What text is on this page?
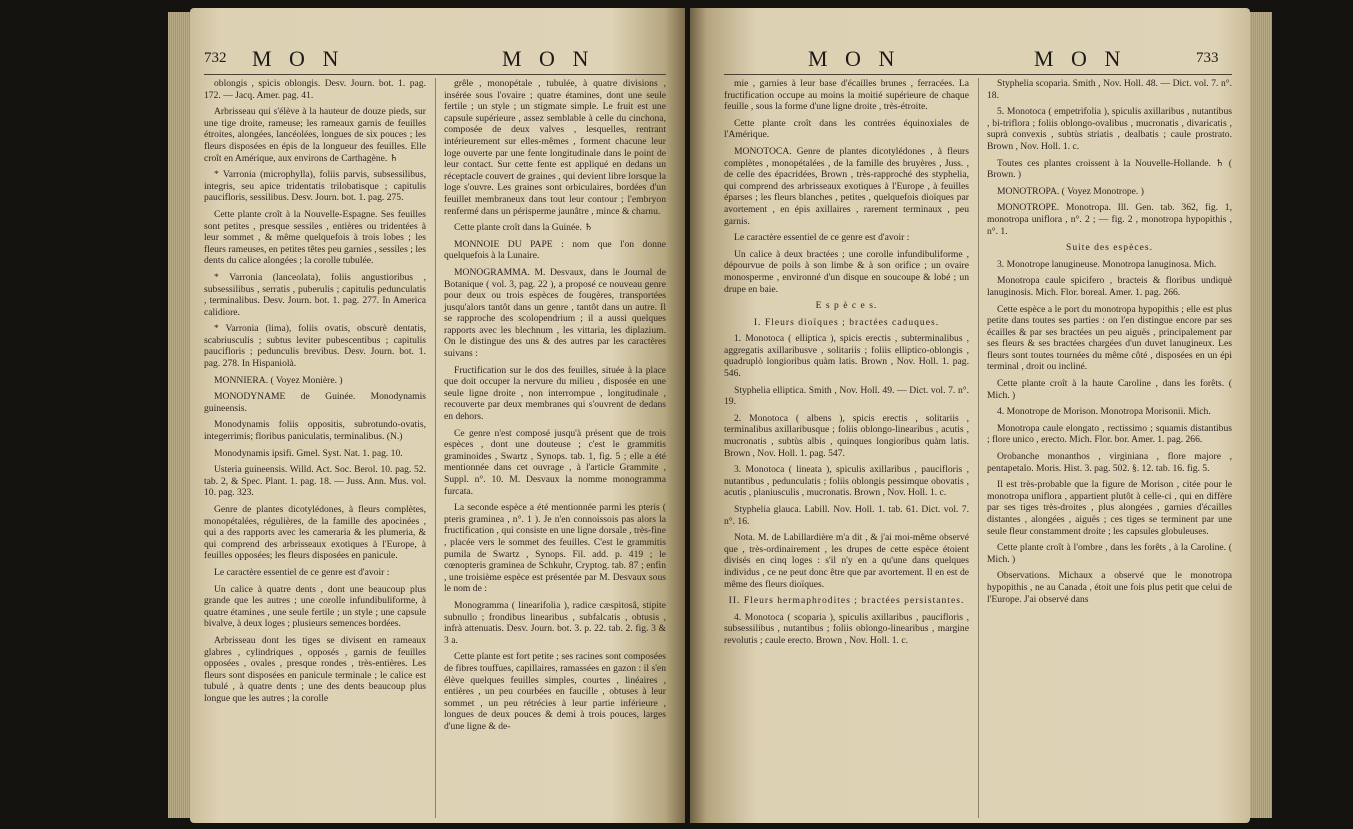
732 M O N	M O N

oblongis , spicis oblongis. Desv. Journ. bot. 1. pag. 172. — Jacq. Amer. pag. 41.

Arbrisseau qui s'élève à la hauteur de douze pieds, sur une tige droite, rameuse; les rameaux garnis de feuilles étroites, alongées, lancéolées, longues de six pouces ; les fleurs disposées en épis de la longueur des feuilles. Elle croît en Amérique, aux environs de Carthagène. ♄

* Varronia (microphylla), foliis parvis, subsessilibus, integris, seu apice tridentatis trilobatisque ; capitulis paucifloris, sessilibus. Desv. Journ. bot. 1. pag. 275.

Cette plante croît à la Nouvelle-Espagne. Ses feuilles sont petites , presque sessiles , entières ou tridentées à leur sommet , & même quelquefois à trois lobes ; les fleurs rameuses, en petites têtes peu garnies , sessiles ; les dents du calice alongées ; la corolle tubulée.

* Varronia (lanceolata), foliis angustioribus , subsessilibus , serratis , puberulis ; capitulis pedunculatis , terminalibus. Desv. Journ. bot. 1. pag. 277. In America calidiore.

* Varronia (lima), foliis ovatis, obscurè dentatis, scabriusculis ; subtus leviter pubescentibus ; capitulis paucifloris ; pedunculis brevibus. Desv. Journ. bot. 1. pag. 278. In Hispaniolà.

MONNIERA. ( Voyez Monière. )

MONODYNAME de Guinée. Monodynamis guineensis.

Monodynamis foliis oppositis, subrotundo-ovatis, integerrimis; floribus paniculatis, terminalibus. (N.)

Monodynamis ipsifi. Gmel. Syst. Nat. 1. pag. 10.

Usteria guineensis. Willd. Act. Soc. Berol. 10. pag. 52. tab. 2, & Spec. Plant. 1. pag. 18. — Juss. Ann. Mus. vol. 10. pag. 323.

Genre de plantes dicotylédones, à fleurs complètes, monopétalées, régulières, de la famille des apocinées , qui a des rapports avec les cameraria & les plumeria, & qui comprend des arbrisseaux exotiques à l'Europe, à feuilles opposées; les fleurs disposées en panicule.

Le caractère essentiel de ce genre est d'avoir :

Un calice à quatre dents , dont une beaucoup plus grande que les autres ; une corolle infundibuliforme, à quatre étamines , une seule fertile ; un style ; une capsule bivalve, à deux loges ; plusieurs semences bordées.

Arbrisseau dont les tiges se divisent en rameaux glabres , cylindriques , opposés , garnis de feuilles opposées , ovales , presque rondes , très-entières. Les fleurs sont disposées en panicule terminale ; le calice est tubulé , à quatre dents ; une des dents beaucoup plus longue que les autres ; la corolle

grêle , monopétale , tubulée, à quatre divisions , insérée sous l'ovaire ; quatre étamines, dont une seule fertile ; un style ; un stigmate simple. Le fruit est une capsule supérieure , assez semblable à celle du cinchona, composée de deux valves , lesquelles, rentrant intérieurement sur elles-mêmes , forment chacune leur loge ouverte par une fente longitudinale dans le point de leur contact. Sur cette fente est appliqué en dedans un réceptacle couvert de graines , qui devient libre lorsque la loge s'ouvre. Les graines sont orbiculaires, bordées d'un feuillet membraneux dans tout leur contour ; l'embryon renfermé dans un périsperme jaunâtre , mince & charnu.

Cette plante croît dans la Guinée. ♄

MONNOIE DU PAPE : nom que l'on donne quelquefois à la Lunaire.

MONOGRAMMA. M. Desvaux, dans le Journal de Botanique ( vol. 3, pag. 22 ), a proposé ce nouveau genre pour deux ou trois espèces de fougères, transportées jusqu'alors tantôt dans un genre , tantôt dans un autre. Il se rapproche des scolopendrium ; il a aussi quelques rapports avec les blechnum , les vittaria, les diplazium. On le distingue des uns & des autres par les caractères suivans :

Fructification sur le dos des feuilles, située à la place que doit occuper la nervure du milieu , disposée en une seule ligne droite , non interrompue , longitudinale , recouverte par deux membranes qui s'ouvrent de dedans en dehors.

Ce genre n'est composé jusqu'à présent que de trois espèces , dont une douteuse ; c'est le grammitis graminoides , Swartz , Synops. tab. 1, fig. 5 ; elle a été mentionnée dans cet ouvrage , à l'article Grammite , Suppl. n°. 10. M. Desvaux la nomme monogramma furcata.

La seconde espèce a été mentionnée parmi les pteris ( pteris graminea , n°. 1 ). Je n'en connoissois pas alors la fructification , qui consiste en une ligne dorsale , très-fine , placée vers le sommet des feuilles. C'est le grammitis pumila de Swartz , Synops. Fil. add. p. 419 ; le cœnopteris graminea de Schkuhr, Cryptog. tab. 87 ; enfin , une troisième espèce est présentée par M. Desvaux sous le nom de :

Monogramma ( linearifolia ), radice cæspitosâ, stipite subnullo ; frondibus linearibus , subfalcatis , obtusis , infrà attenuatis. Desv. Journ. bot. 3. p. 22. tab. 2. fig. 3 & 3 a.

Cette plante est fort petite ; ses racines sont composées de fibres touffues, capillaires, ramassées en gazon : il s'en élève quelques feuilles simples, courtes , linéaires , entières , un peu courbées en faucille , obtuses à leur sommet , un peu rétrécies à leur partie inférieure , longues de deux pouces & demi à trois pouces, larges d'une ligne & de-

M O N	M O N	733

mie , garnies à leur base d'écailles brunes , ferracées. La fructification occupe au moins la moitié supérieure de chaque feuille , sous la forme d'une ligne droite , très-étroite.

Cette plante croît dans les contrées équinoxiales de l'Amérique.

MONOTOCA. Genre de plantes dicotylédones , à fleurs complètes , monopétalées , de la famille des bruyères , Juss. , de celle des épacridées, Brown , très-rapproché des styphelia, qui comprend des arbrisseaux exotiques à l'Europe , à feuilles éparses ; les fleurs blanches , petites , quelquefois dioïques par avortement , en épis axillaires , rarement terminaux , peu garnis.

Le caractère essentiel de ce genre est d'avoir :

Un calice à deux bractées ; une corolle infundibuliforme , dépourvue de poils à son limbe & à son orifice ; un ovaire monosperme , environné d'un disque en soucoupe & lobé ; un drupe en baie.

E s p è c e s.

I. Fleurs dioïques ; bractées caduques.

1. Monotoca ( elliptica ), spicis erectis , subterminalibus , aggregatis axillaribusve , solitariis ; foliis elliptico-oblongis , quadruplò longioribus quàm latis. Brown , Nov. Holl. 1. pag. 546.

Styphelia elliptica. Smith , Nov. Holl. 49. — Dict. vol. 7. n°. 19.

2. Monotoca ( albens ), spicis erectis , solitariis , terminalibus axillaribusque ; foliis oblongo-linearibus , acutis , mucronatis , subtùs albis , quinques longioribus quàm latis. Brown , Nov. Holl. 1. pag. 547.

3. Monotoca ( lineata ), spiculis axillaribus , paucifloris , nutantibus , pedunculatis ; foliis oblongis pessimque obovatis , acutis , planiusculis , mucronatis. Brown , Nov. Holl. 1. c.

Styphelia glauca. Labill. Nov. Holl. 1. tab. 61. Dict. vol. 7. n°. 16.

Nota. M. de Labillardière m'a dit , & j'ai moi-même observé que , très-ordinairement , les drupes de cette espèce étoient divisés en cinq loges : s'il n'y en a qu'une dans quelques individus , ce ne peut donc être que par avortement. Il en est de même des fleurs dioïques.

II. Fleurs hermaphrodites ; bractées persistantes.

4. Monotoca ( scoparia ), spiculis axillaribus , paucifloris , subsessilibus , nutantibus ; foliis oblongo-linearibus , margine revolutis ; caule erecto. Brown , Nov. Holl. 1. c.

Styphelia scoparia. Smith , Nov. Holl. 48. — Dict. vol. 7. n°. 18.

5. Monotoca ( empetrifolia ), spiculis axillaribus , nutantibus , bi-triflora ; foliis oblongo-ovalibus , mucronatis , divaricatis , suprà convexis , subtùs striatis , dealbatis ; caule prostrato. Brown , Nov. Holl. 1. c.

Toutes ces plantes croissent à la Nouvelle-Hollande. ♄ ( Brown. )

MONOTROPA. ( Voyez Monotrope. )

MONOTROPE. Monotropa. Ill. Gen. tab. 362, fig. 1, monotropa uniflora , n°. 2 ; — fig. 2 , monotropa hypopithis , n°. 1.

Suite des espèces.

3. Monotrope lanugineuse. Monotropa lanuginosa. Mich.

Monotropa caule spicifero , bracteis & floribus undiquè lanuginosis. Mich. Flor. boreal. Amer. 1. pag. 266.

Cette espèce a le port du monotropa hypopithis ; elle est plus petite dans toutes ses parties : on l'en distingue encore par ses écailles & par ses bractées un peu aiguës , principalement par ses fleurs & ses bractées chargées d'un duvet lanugineux. Les fleurs sont toutes tournées du même côté , disposées en un épi terminal , droit ou incliné.

Cette plante croît à la haute Caroline , dans les forêts. ( Mich. )

4. Monotrope de Morison. Monotropa Morisonii. Mich.

Monotropa caule elongato , rectissimo ; squamis distantibus ; flore unico , erecto. Mich. Flor. bor. Amer. 1. pag. 266.

Orobanche monanthos , virginiana , flore majore , pentapetalo. Moris. Hist. 3. pag. 502. §. 12. tab. 16. fig. 5.

Il est très-probable que la figure de Morison , citée pour le monotropa uniflora , appartient plutôt à celle-ci , qui en diffère par ses tiges très-droites , plus alongées , garnies d'écailles distantes , alongées , aiguës ; ces tiges se terminent par une seule fleur constamment droite ; les capsules globuleuses.

Cette plante croît à l'ombre , dans les forêts , à la Caroline. ( Mich. )

Observations. Michaux a observé que le monotropa hypopithis , ne au Canada , étoit une fois plus petit que celui de l'Europe. J'ai observé dans
